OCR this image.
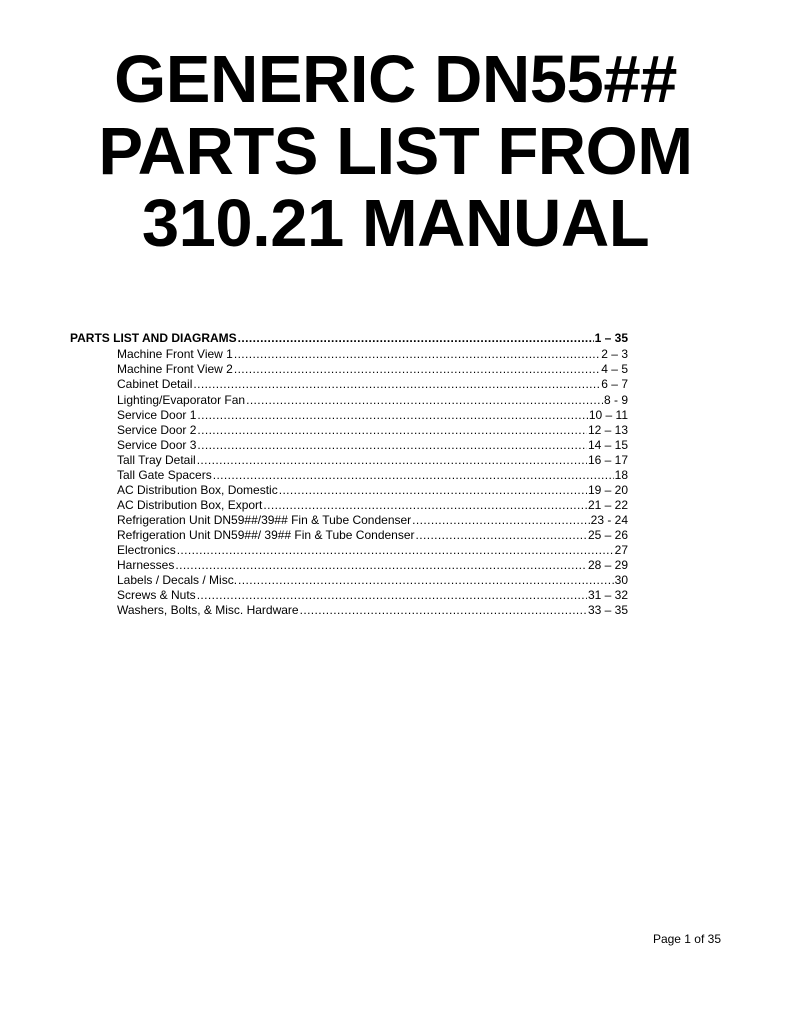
GENERIC DN55##
PARTS LIST FROM
310.21 MANUAL
PARTS LIST AND DIAGRAMS .....	1 – 35
Machine Front View 1 .....	2 – 3
Machine Front View 2 .....	4 – 5
Cabinet Detail .....	6 – 7
Lighting/Evaporator Fan .....	8 - 9
Service Door 1 .....	10 – 11
Service Door 2 .....	12 – 13
Service Door 3 .....	14 – 15
Tall Tray Detail .....	16 – 17
Tall Gate Spacers .....	18
AC Distribution Box, Domestic .....	19 – 20
AC Distribution Box, Export .....	21 – 22
Refrigeration Unit DN59##/39## Fin & Tube Condenser .....	23 - 24
Refrigeration Unit DN59##/ 39## Fin & Tube Condenser .....	25 – 26
Electronics .....	27
Harnesses .....	28 – 29
Labels / Decals / Misc. .....	30
Screws & Nuts .....	31 – 32
Washers, Bolts, & Misc. Hardware .....	33 – 35
Page 1 of 35
